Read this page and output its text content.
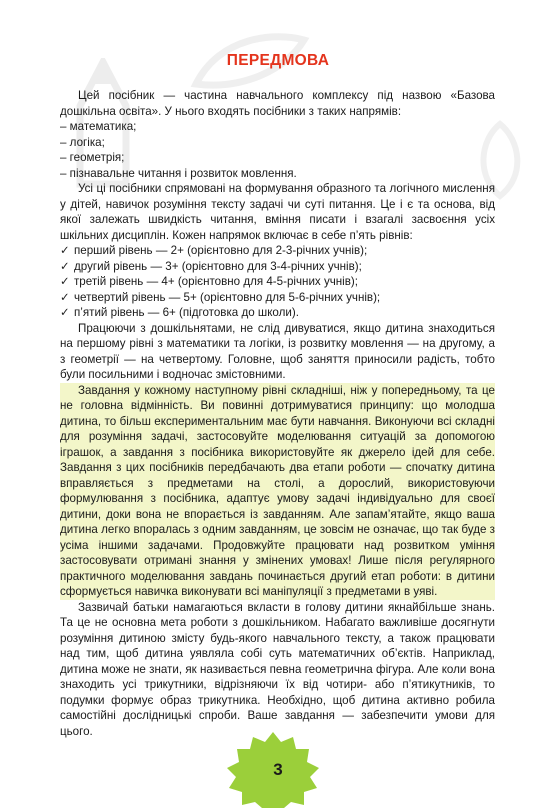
ПЕРЕДМОВА

Цей посібник — частина навчального комплексу під назвою «Базова дошкільна освіта». У нього входять посібники з таких напрямів:

– математика;

– логіка;

– геометрія;

– пізнавальне читання і розвиток мовлення.

Усі ці посібники спрямовані на формування образного та логічного мислення у дітей, навичок розуміння тексту задачі чи суті питання. Це і є та основа, від якої залежать швидкість читання, вміння писати і взагалі засвоєння усіх шкільних дисциплін. Кожен напрямок включає в себе п’ять рівнів:

✓ перший рівень — 2+ (орієнтовно для 2-3-річних учнів);

✓ другий рівень — 3+ (орієнтовно для 3-4-річних учнів);

✓ третій рівень — 4+ (орієнтовно для 4-5-річних учнів);

✓ четвертий рівень — 5+ (орієнтовно для 5-6-річних учнів);

✓ п’ятий рівень — 6+ (підготовка до школи).

Працюючи з дошкільнятами, не слід дивуватися, якщо дитина знаходиться на першому рівні з математики та логіки, із розвитку мовлення — на другому, а з геометрії — на четвертому. Головне, щоб заняття приносили радість, тобто були посильними і водночас змістовними.

Завдання у кожному наступному рівні складніші, ніж у попередньому, та це не головна відмінність. Ви повинні дотримуватися принципу: що молодша дитина, то більш експериментальним має бути навчання. Виконуючи всі складні для розуміння задачі, застосовуйте моделювання ситуацій за допомогою іграшок, а завдання з посібника використовуйте як джерело ідей для себе. Завдання з цих посібників передбачають два етапи роботи — спочатку дитина вправляється з предметами на столі, а дорослий, використовуючи формулювання з посібника, адаптує умову задачі індивідуально для своєї дитини, доки вона не впорається із завданням. Але запам’ятайте, якщо ваша дитина легко впоралась з одним завданням, це зовсім не означає, що так буде з усіма іншими задачами. Продовжуйте працювати над розвитком уміння застосовувати отримані знання у змінених умовах! Лише після регулярного практичного моделювання завдань починається другий етап роботи: в дитини сформується навичка виконувати всі маніпуляції з предметами в уяві.

Зазвичай батьки намагаються вкласти в голову дитини якнайбільше знань. Та це не основна мета роботи з дошкільником. Набагато важливіше досягнути розуміння дитиною змісту будь-якого навчального тексту, а також працювати над тим, щоб дитина уявляла собі суть математичних об’єктів. Наприклад, дитина може не знати, як називається певна геометрична фігура. Але коли вона знаходить усі трикутники, відрізняючи їх від чотири- або п’ятикутників, то подумки формує образ трикутника. Необхідно, щоб дитина активно робила самостійні дослідницькі спроби. Ваше завдання — забезпечити умови для цього.

3
